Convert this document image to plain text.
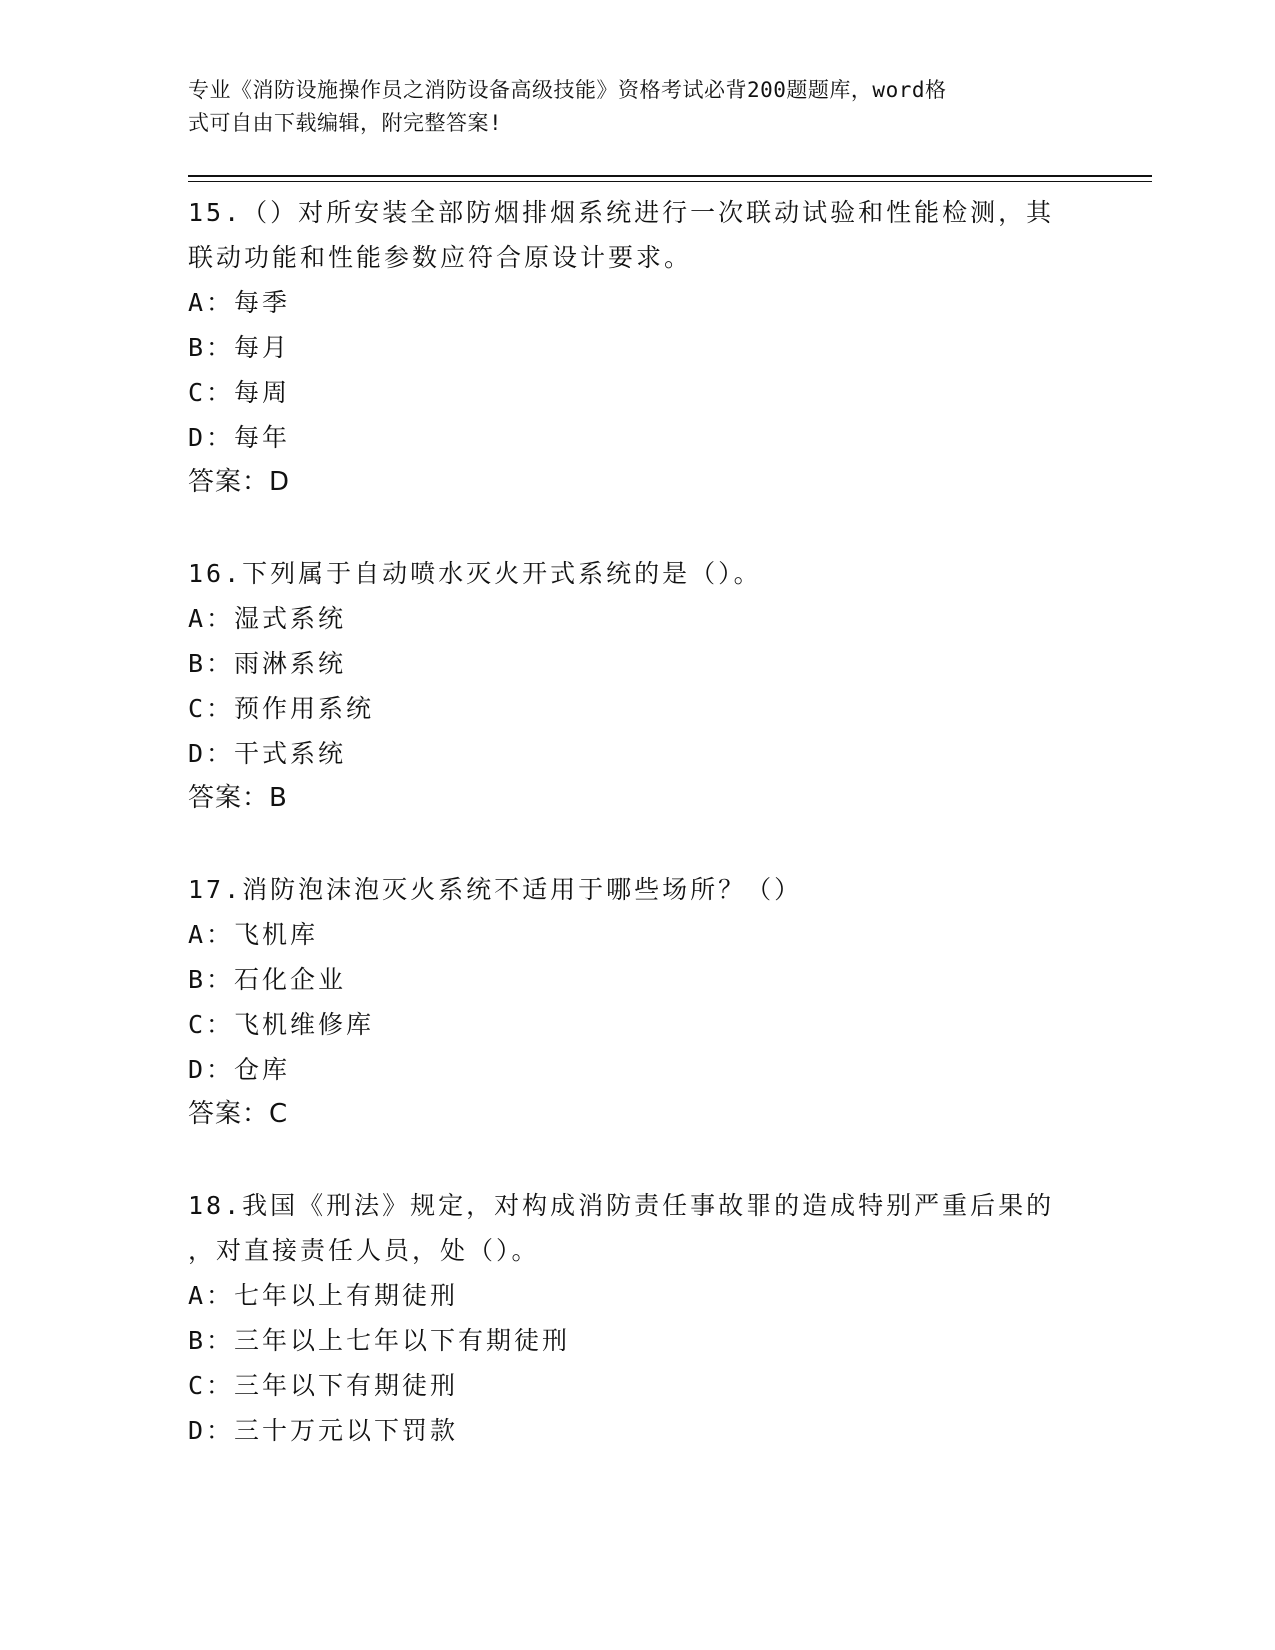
专业《消防设施操作员之消防设备高级技能》资格考试必背200题题库，word格
式可自由下载编辑，附完整答案!
15.（）对所安装全部防烟排烟系统进行一次联动试验和性能检测，其
联动功能和性能参数应符合原设计要求。
A：每季
B：每月
C：每周
D：每年
答案：D
16.下列属于自动喷水灭火开式系统的是（）。
A：湿式系统
B：雨淋系统
C：预作用系统
D：干式系统
答案：B
17.消防泡沫泡灭火系统不适用于哪些场所？（）
A：飞机库
B：石化企业
C：飞机维修库
D：仓库
答案：C
18.我国《刑法》规定，对构成消防责任事故罪的造成特别严重后果的
，对直接责任人员，处（）。
A：七年以上有期徒刑
B：三年以上七年以下有期徒刑
C：三年以下有期徒刑
D：三十万元以下罚款
